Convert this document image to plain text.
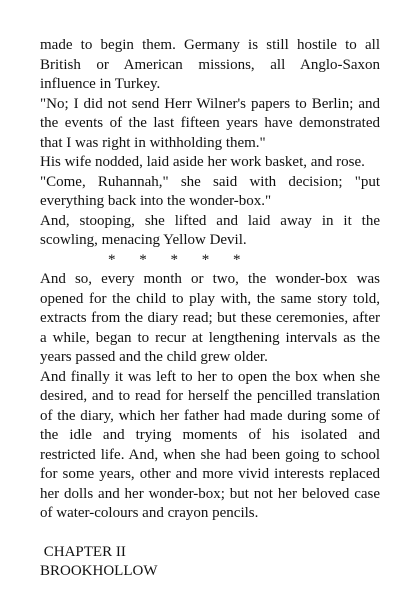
made to begin them. Germany is still hostile to all British or American missions, all Anglo-Saxon influence in Turkey.

"No; I did not send Herr Wilner's papers to Berlin; and the events of the last fifteen years have demonstrated that I was right in withholding them."

His wife nodded, laid aside her work basket, and rose.

"Come, Ruhannah," she said with decision; "put everything back into the wonder-box."

And, stooping, she lifted and laid away in it the scowling, menacing Yellow Devil.

* * * * *

And so, every month or two, the wonder-box was opened for the child to play with, the same story told, extracts from the diary read; but these ceremonies, after a while, began to recur at lengthening intervals as the years passed and the child grew older.

And finally it was left to her to open the box when she desired, and to read for herself the pencilled translation of the diary, which her father had made during some of the idle and trying moments of his isolated and restricted life. And, when she had been going to school for some years, other and more vivid interests replaced her dolls and her wonder-box; but not her beloved case of water-colours and crayon pencils.

CHAPTER II

BROOKHOLLOW
